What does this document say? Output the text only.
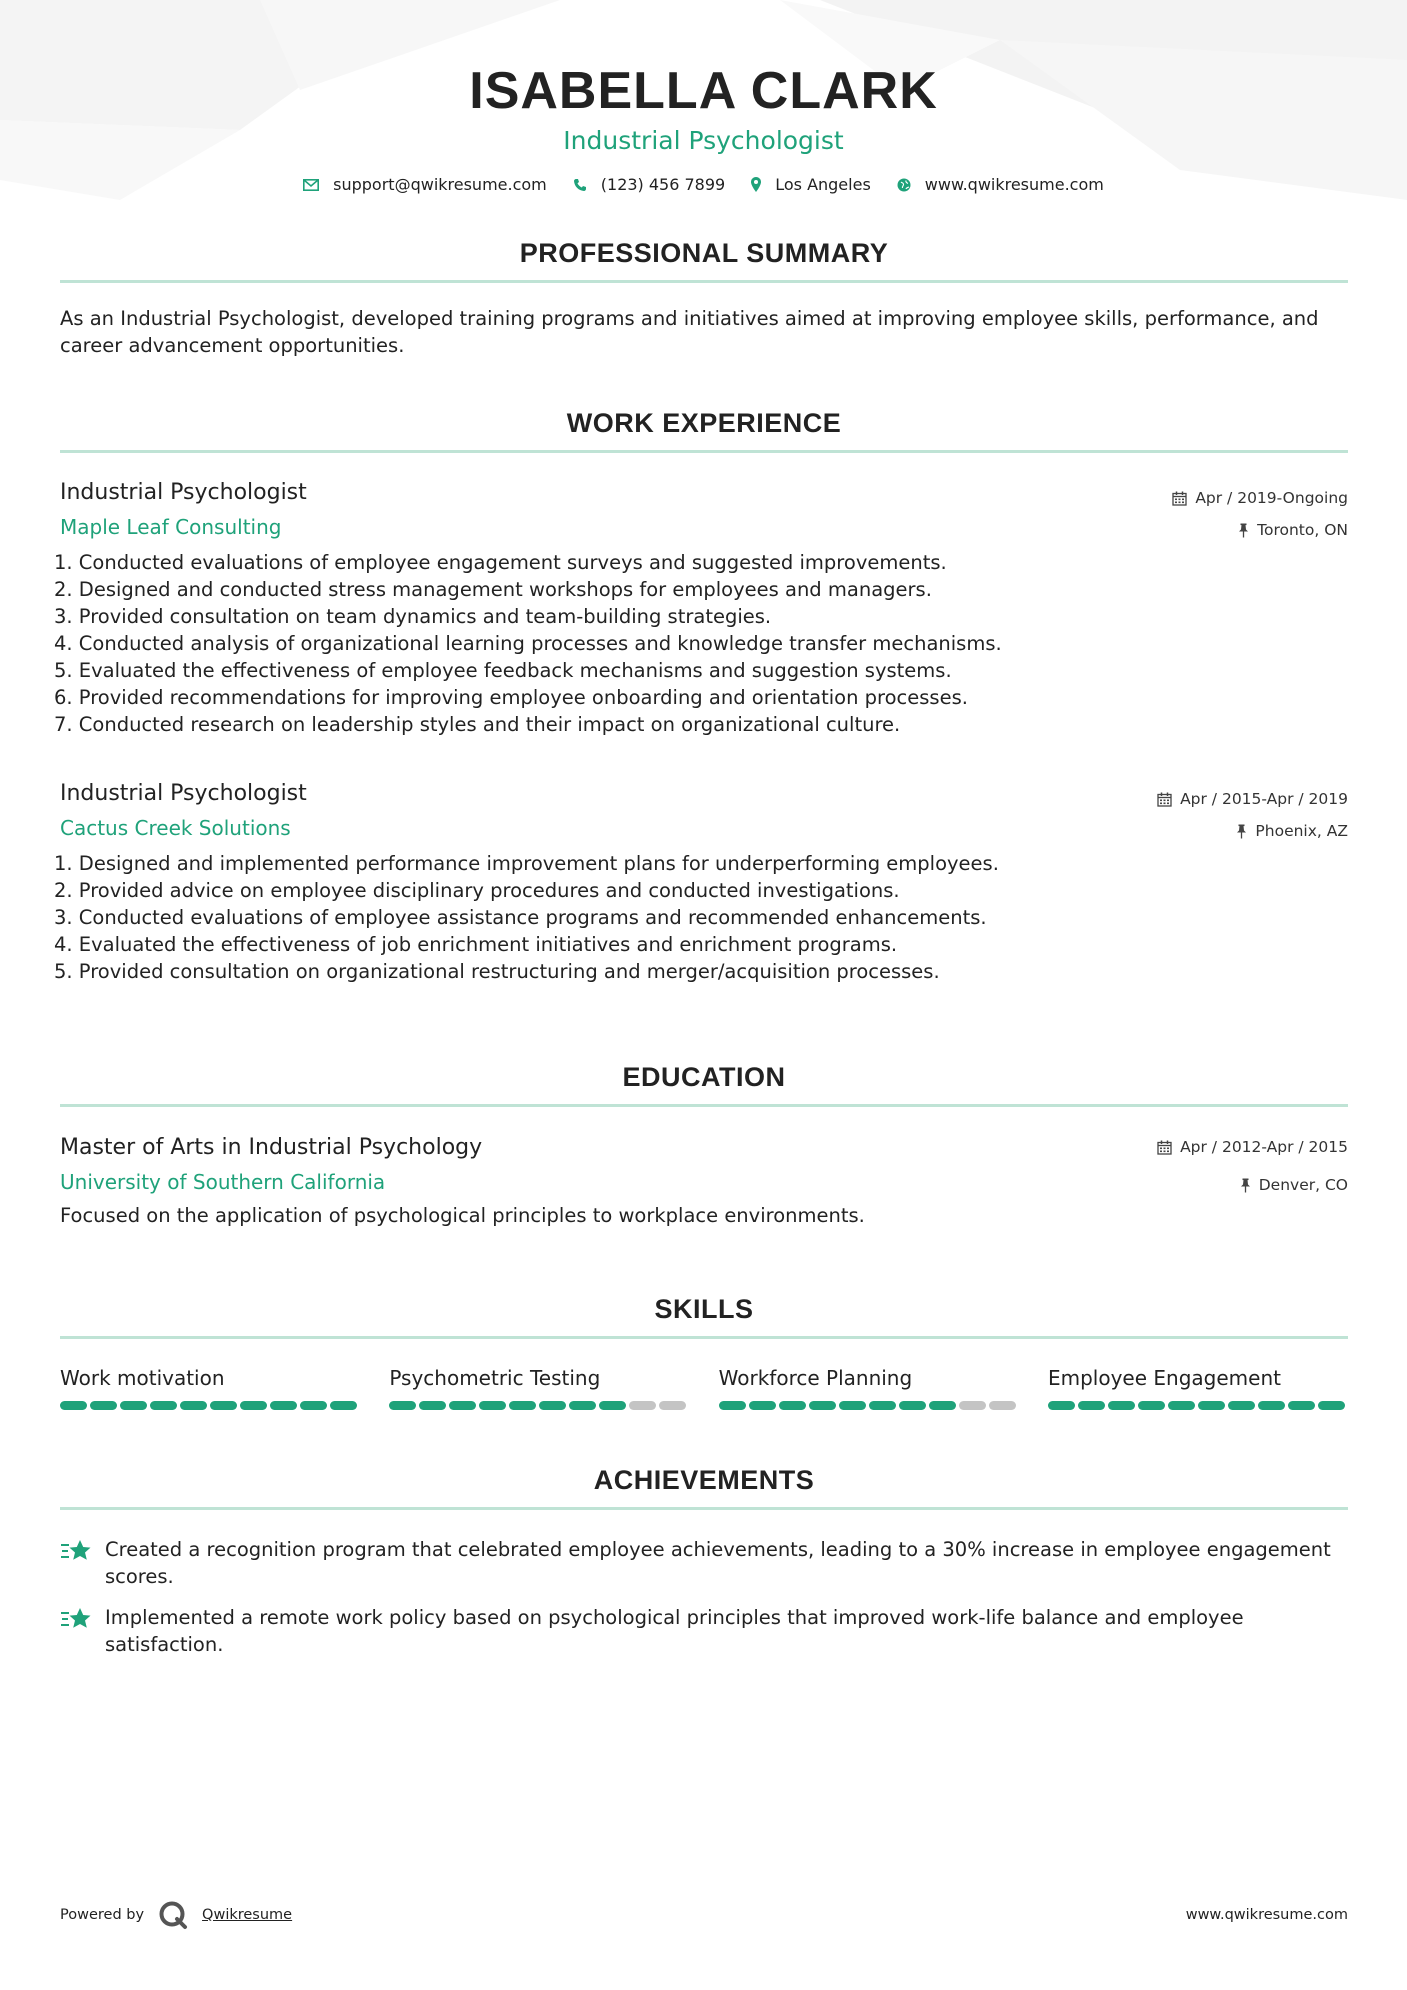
ISABELLA CLARK
Industrial Psychologist
support@qwikresume.com	(123) 456 7899	Los Angeles	www.qwikresume.com
PROFESSIONAL SUMMARY
As an Industrial Psychologist, developed training programs and initiatives aimed at improving employee skills, performance, and career advancement opportunities.
WORK EXPERIENCE
Industrial Psychologist
Maple Leaf Consulting
Apr / 2019-Ongoing
Toronto, ON
1. Conducted evaluations of employee engagement surveys and suggested improvements.
2. Designed and conducted stress management workshops for employees and managers.
3. Provided consultation on team dynamics and team-building strategies.
4. Conducted analysis of organizational learning processes and knowledge transfer mechanisms.
5. Evaluated the effectiveness of employee feedback mechanisms and suggestion systems.
6. Provided recommendations for improving employee onboarding and orientation processes.
7. Conducted research on leadership styles and their impact on organizational culture.
Industrial Psychologist
Cactus Creek Solutions
Apr / 2015-Apr / 2019
Phoenix, AZ
1. Designed and implemented performance improvement plans for underperforming employees.
2. Provided advice on employee disciplinary procedures and conducted investigations.
3. Conducted evaluations of employee assistance programs and recommended enhancements.
4. Evaluated the effectiveness of job enrichment initiatives and enrichment programs.
5. Provided consultation on organizational restructuring and merger/acquisition processes.
EDUCATION
Master of Arts in Industrial Psychology
University of Southern California
Apr / 2012-Apr / 2015
Denver, CO
Focused on the application of psychological principles to workplace environments.
SKILLS
Work motivation	Psychometric Testing	Workforce Planning	Employee Engagement
ACHIEVEMENTS
Created a recognition program that celebrated employee achievements, leading to a 30% increase in employee engagement scores.
Implemented a remote work policy based on psychological principles that improved work-life balance and employee satisfaction.
Powered by	Qwikresume	www.qwikresume.com
